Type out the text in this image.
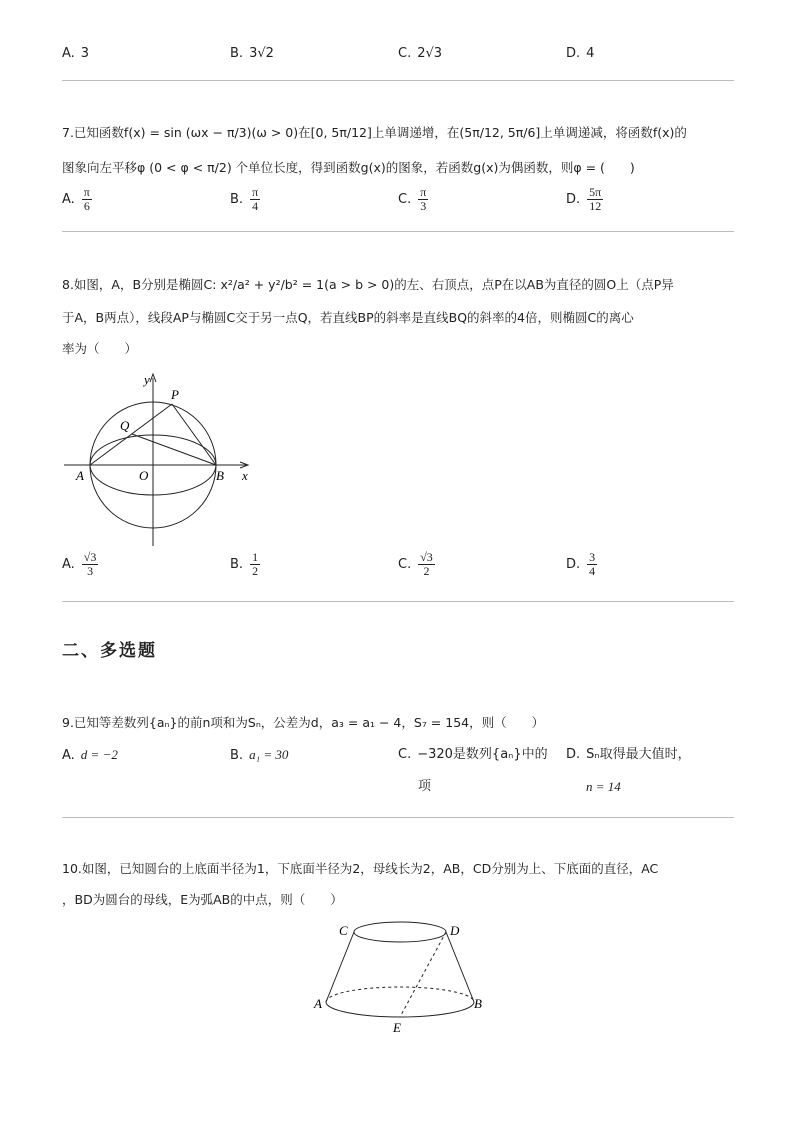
A. 3	B. 3√2	C. 2√3	D. 4
7.已知函数f(x) = sin (ωx − π/3)(ω > 0)在[0, 5π/12]上单调递增，在(5π/12, 5π/6]上单调递减，将函数f(x)的
图象向左平移φ (0 < φ < π/2) 个单位长度，得到函数g(x)的图象，若函数g(x)为偶函数，则φ = (　　)
A. $\frac{\pi}{6}$	B. $\frac{\pi}{4}$	C. $\frac{\pi}{3}$	D. $\frac{5\pi}{12}$
8.如图，A，B分别是椭圆C: x²/a² + y²/b² = 1(a > b > 0)的左、右顶点，点P在以AB为直径的圆O上（点P异
于A，B两点），线段AP与椭圆C交于另一点Q，若直线BP的斜率是直线BQ的斜率的4倍，则椭圆C的离心
率为（　　）
y
x
P
Q
A	O	B
A. $\frac{√3}{3}$	B. $\frac{1}{2}$	C. $\frac{√3}{2}$	D. $\frac{3}{4}$
二、多选题
9.已知等差数列{aₙ}的前n项和为Sₙ，公差为d，a₃ = a₁ − 4，S₇ = 154，则（　　）
A. d = −2	B. a₁ = 30	C. −320是数列{aₙ}中的
项
D. Sₙ取得最大值时，
n = 14
10.如图，已知圆台的上底面半径为1，下底面半径为2，母线长为2，AB，CD分别为上、下底面的直径，AC
，BD为圆台的母线，E为弧AB的中点，则（　　）
C	D
A	B
E
